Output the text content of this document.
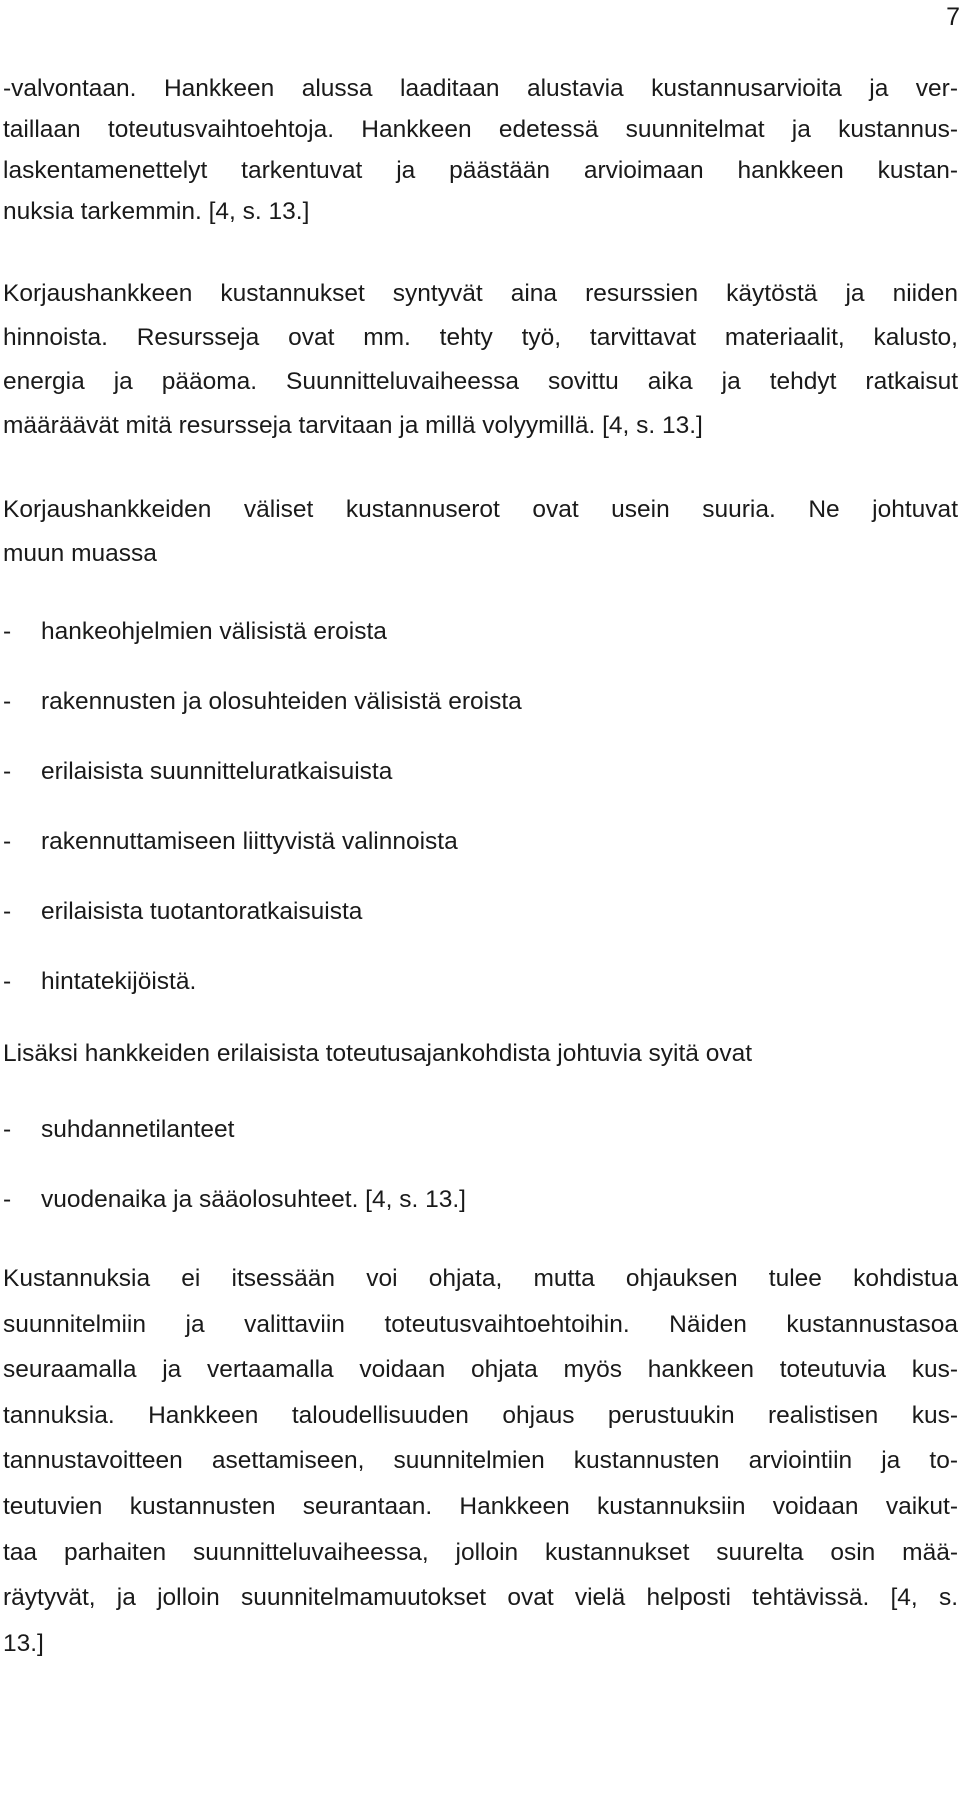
7
-valvontaan. Hankkeen alussa laaditaan alustavia kustannusarvioita ja ver-
taillaan toteutusvaihtoehtoja. Hankkeen edetessä suunnitelmat ja kustannus-
laskentamenettelyt tarkentuvat ja päästään arvioimaan hankkeen kustan-
nuksia tarkemmin. [4, s. 13.]
Korjaushankkeen kustannukset syntyvät aina resurssien käytöstä ja niiden
hinnoista. Resursseja ovat mm. tehty työ, tarvittavat materiaalit, kalusto,
energia ja pääoma. Suunnitteluvaiheessa sovittu aika ja tehdyt ratkaisut
määräävät mitä resursseja tarvitaan ja millä volyymillä. [4, s. 13.]
Korjaushankkeiden väliset kustannuserot ovat usein suuria. Ne johtuvat
muun muassa
-	hankeohjelmien välisistä eroista
-	rakennusten ja olosuhteiden välisistä eroista
-	erilaisista suunnitteluratkaisuista
-	rakennuttamiseen liittyvistä valinnoista
-	erilaisista tuotantoratkaisuista
-	hintatekijöistä.
Lisäksi hankkeiden erilaisista toteutusajankohdista johtuvia syitä ovat
-	suhdannetilanteet
-	vuodenaika ja sääolosuhteet. [4, s. 13.]
Kustannuksia ei itsessään voi ohjata, mutta ohjauksen tulee kohdistua
suunnitelmiin ja valittaviin toteutusvaihtoehtoihin. Näiden kustannustasoa
seuraamalla ja vertaamalla voidaan ohjata myös hankkeen toteutuvia kus-
tannuksia. Hankkeen taloudellisuuden ohjaus perustuukin realistisen kus-
tannustavoitteen asettamiseen, suunnitelmien kustannusten arviointiin ja to-
teutuvien kustannusten seurantaan. Hankkeen kustannuksiin voidaan vaikut-
taa parhaiten suunnitteluvaiheessa, jolloin kustannukset suurelta osin mää-
räytyvät, ja jolloin suunnitelmamuutokset ovat vielä helposti tehtävissä. [4, s.
13.]
